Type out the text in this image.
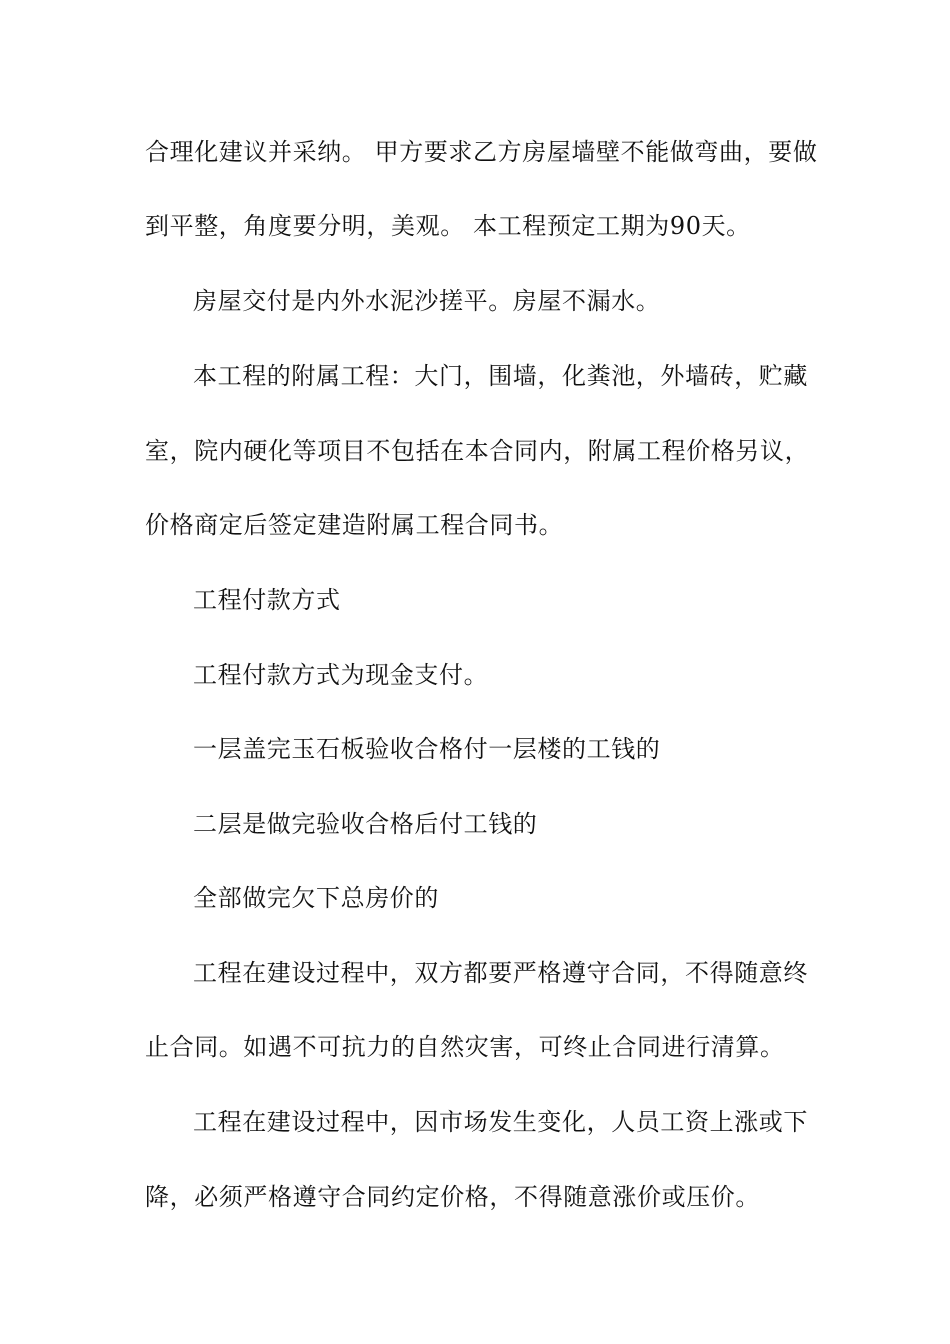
合理化建议并采纳。 甲方要求乙方房屋墙壁不能做弯曲，要做
到平整，角度要分明，美观。 本工程预定工期为90天。
房屋交付是内外水泥沙搓平。房屋不漏水。
本工程的附属工程：大门，围墙，化粪池，外墙砖，贮藏
室，院内硬化等项目不包括在本合同内，附属工程价格另议，
价格商定后签定建造附属工程合同书。
工程付款方式
工程付款方式为现金支付。
一层盖完玉石板验收合格付一层楼的工钱的
二层是做完验收合格后付工钱的
全部做完欠下总房价的
工程在建设过程中，双方都要严格遵守合同，不得随意终
止合同。如遇不可抗力的自然灾害，可终止合同进行清算。
工程在建设过程中，因市场发生变化，人员工资上涨或下
降，必须严格遵守合同约定价格，不得随意涨价或压价。
